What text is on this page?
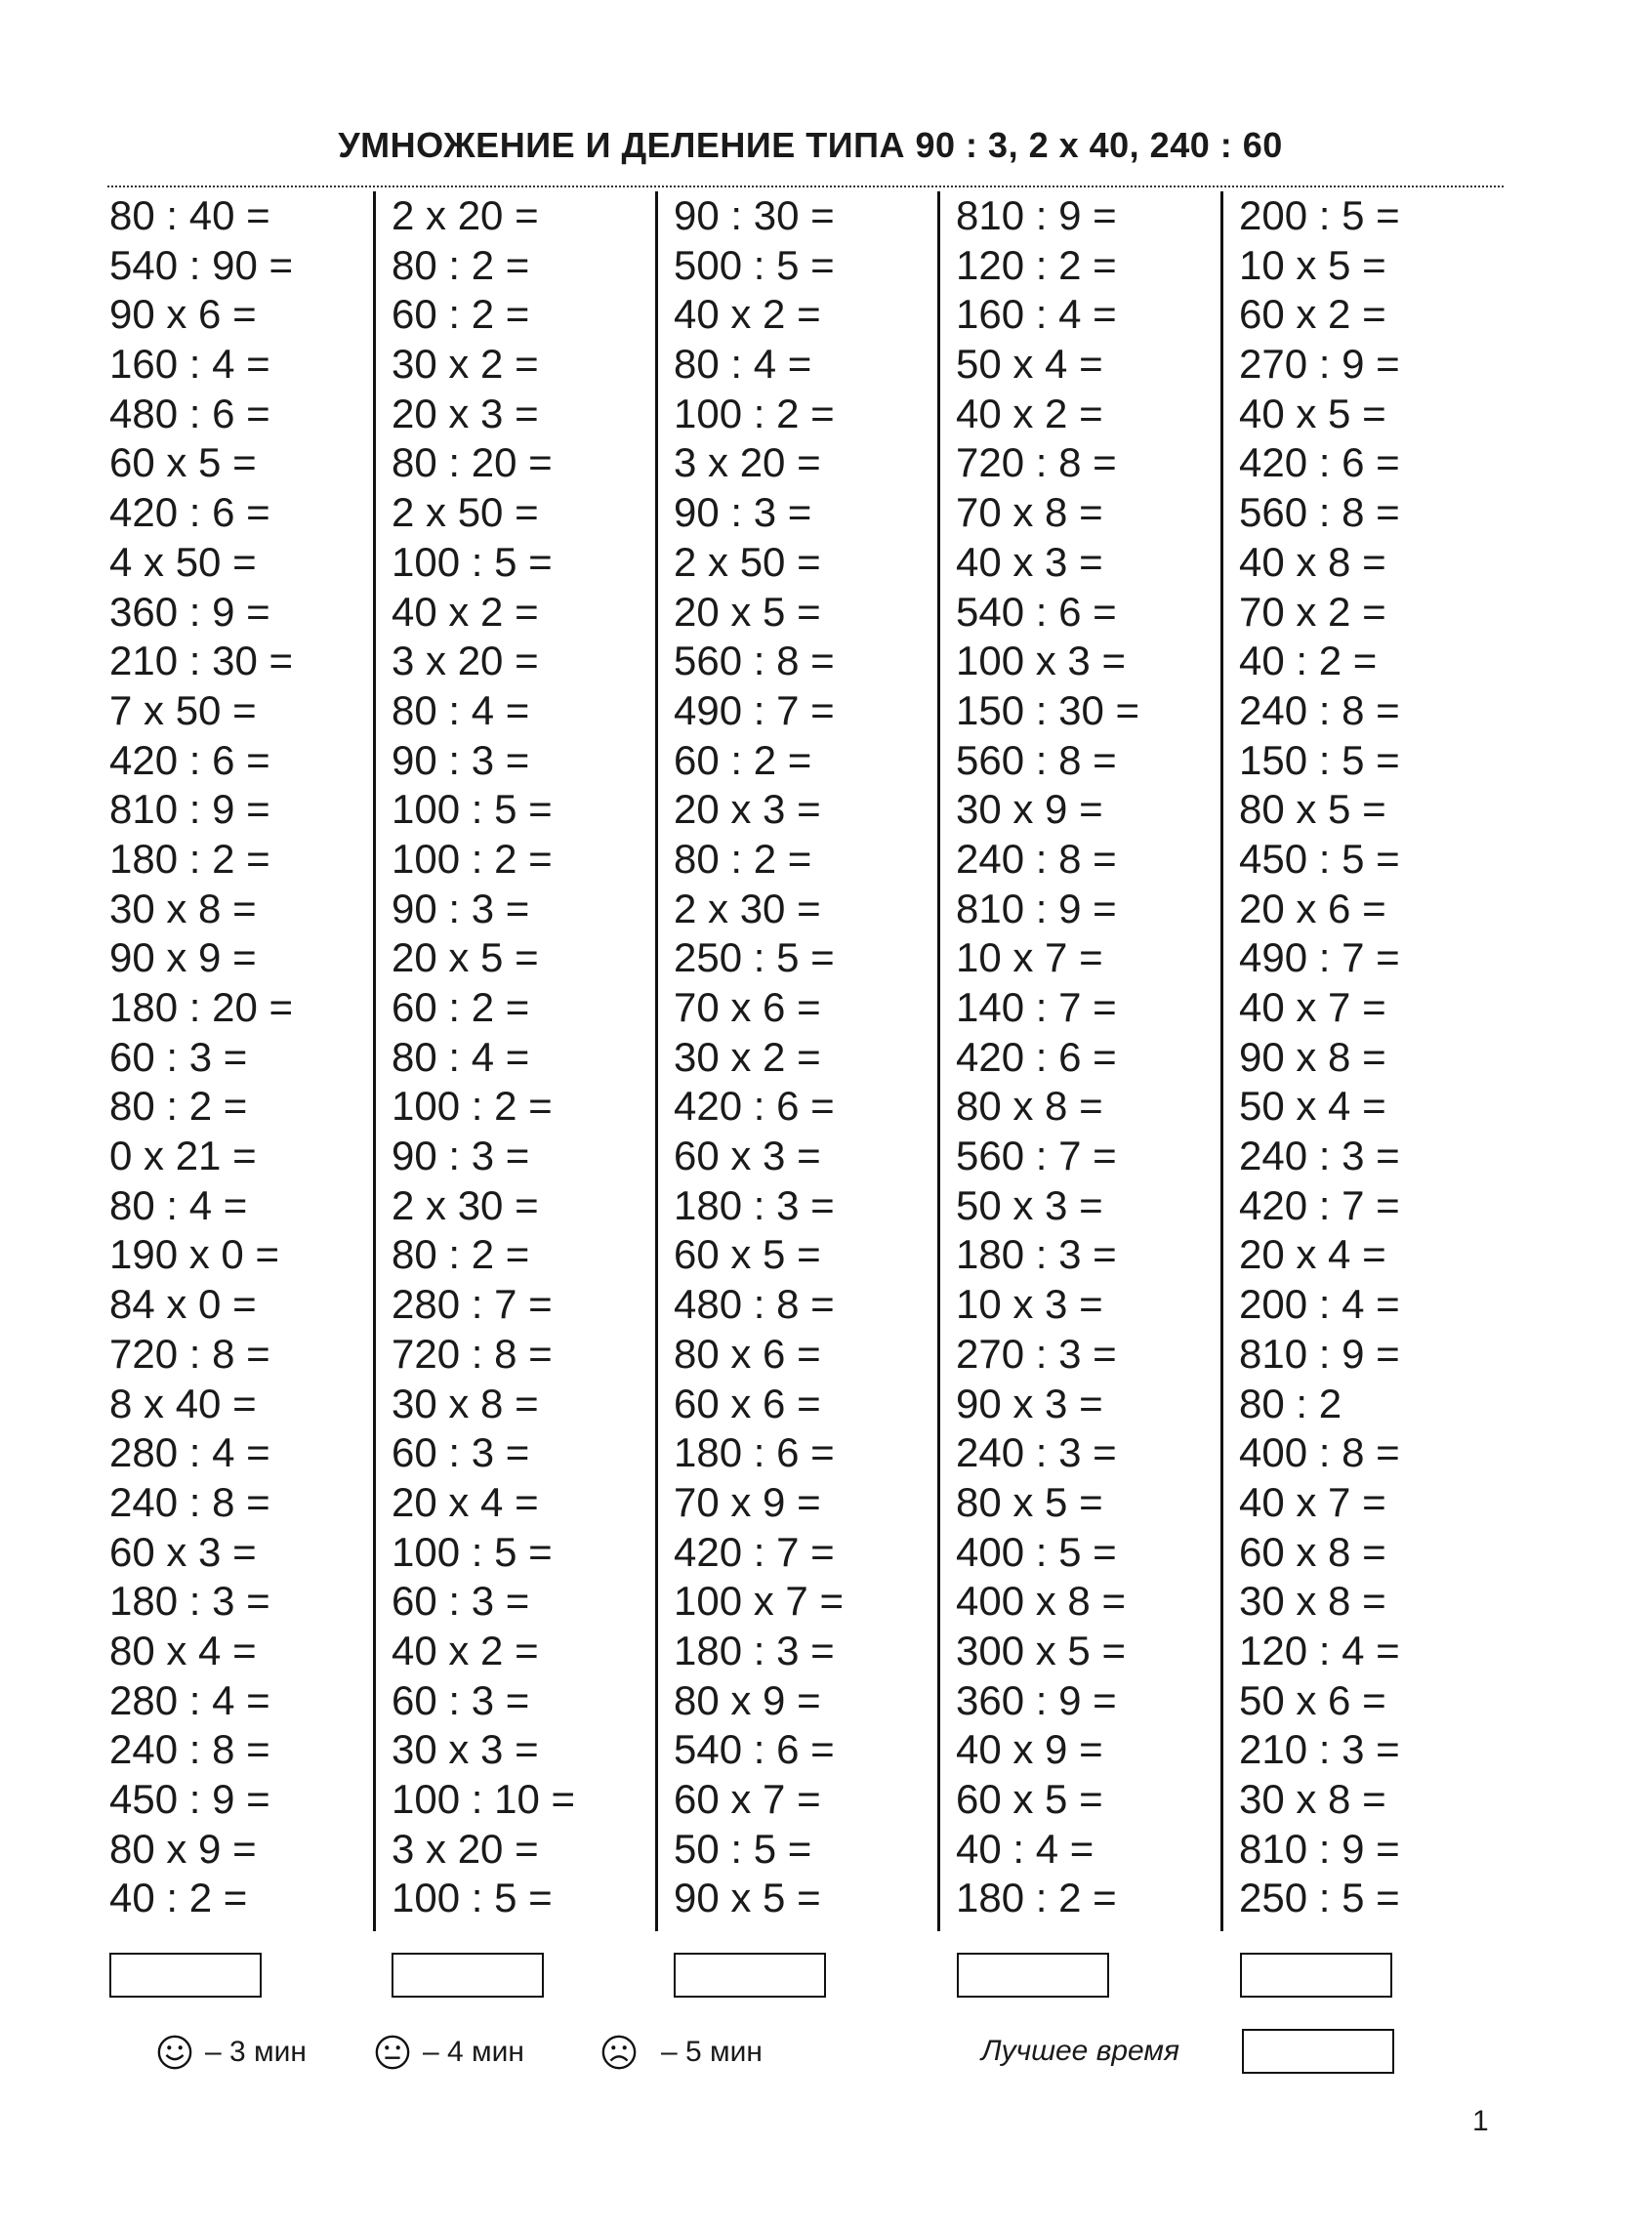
УМНОЖЕНИЕ И ДЕЛЕНИЕ ТИПА 90 : 3, 2 х 40, 240 : 60
80 : 40 =
540 : 90 =
90 х 6 =
160 : 4 =
480 : 6 =
60 х 5 =
420 : 6 =
4 х 50 =
360 : 9 =
210 : 30 =
7 х 50 =
420 : 6 =
810 : 9 =
180 : 2 =
30 х 8 =
90 х 9 =
180 : 20 =
60 : 3 =
80 : 2 =
0 х 21 =
80 : 4 =
190 х 0 =
84 х 0 =
720 : 8 =
8 х 40 =
280 : 4 =
240 : 8 =
60 х 3 =
180 : 3 =
80 х 4 =
280 : 4 =
240 : 8 =
450 : 9 =
80 х 9 =
40 : 2 =
2 х 20 =
80 : 2 =
60 : 2 =
30 х 2 =
20 х 3 =
80 : 20 =
2 х 50 =
100 : 5 =
40 х 2 =
3 х 20 =
80 : 4 =
90 : 3 =
100 : 5 =
100 : 2 =
90 : 3 =
20 х 5 =
60 : 2 =
80 : 4 =
100 : 2 =
90 : 3 =
2 х 30 =
80 : 2 =
280 : 7 =
720 : 8 =
30 х 8 =
60 : 3 =
20 х 4 =
100 : 5 =
60 : 3 =
40 х 2 =
60 : 3 =
30 х 3 =
100 : 10 =
3 х 20 =
100 : 5 =
90 : 30 =
500 : 5 =
40 х 2 =
80 : 4 =
100 : 2 =
3 х 20 =
90 : 3 =
2 х 50 =
20 х 5 =
560 : 8 =
490 : 7 =
60 : 2 =
20 х 3 =
80 : 2 =
2 х 30 =
250 : 5 =
70 х 6 =
30 х 2 =
420 : 6 =
60 х 3 =
180 : 3 =
60 х 5 =
480 : 8 =
80 х 6 =
60 х 6 =
180 : 6 =
70 х 9 =
420 : 7 =
100 х 7 =
180 : 3 =
80 х 9 =
540 : 6 =
60 х 7 =
50 : 5 =
90 х 5 =
810 : 9 =
120 : 2 =
160 : 4 =
50 х 4 =
40 х 2 =
720 : 8 =
70 х 8 =
40 х 3 =
540 : 6 =
100 х 3 =
150 : 30 =
560 : 8 =
30 х 9 =
240 : 8 =
810 : 9 =
10 х 7 =
140 : 7 =
420 : 6 =
80 х 8 =
560 : 7 =
50 х 3 =
180 : 3 =
10 х 3 =
270 : 3 =
90 х 3 =
240 : 3 =
80 х 5 =
400 : 5 =
400 х 8 =
300 х 5 =
360 : 9 =
40 х 9 =
60 х 5 =
40 : 4 =
180 : 2 =
200 : 5 =
10 х 5 =
60 х 2 =
270 : 9 =
40 х 5 =
420 : 6 =
560 : 8 =
40 х 8 =
70 х 2 =
40 : 2 =
240 : 8 =
150 : 5 =
80 х 5 =
450 : 5 =
20 х 6 =
490 : 7 =
40 х 7 =
90 х 8 =
50 х 4 =
240 : 3 =
420 : 7 =
20 х 4 =
200 : 4 =
810 : 9 =
80 : 2
400 : 8 =
40 х 7 =
60 х 8 =
30 х 8 =
120 : 4 =
50 х 6 =
210 : 3 =
30 х 8 =
810 : 9 =
250 : 5 =
– 3 мин	– 4 мин	– 5 мин	Лучшее время
1
